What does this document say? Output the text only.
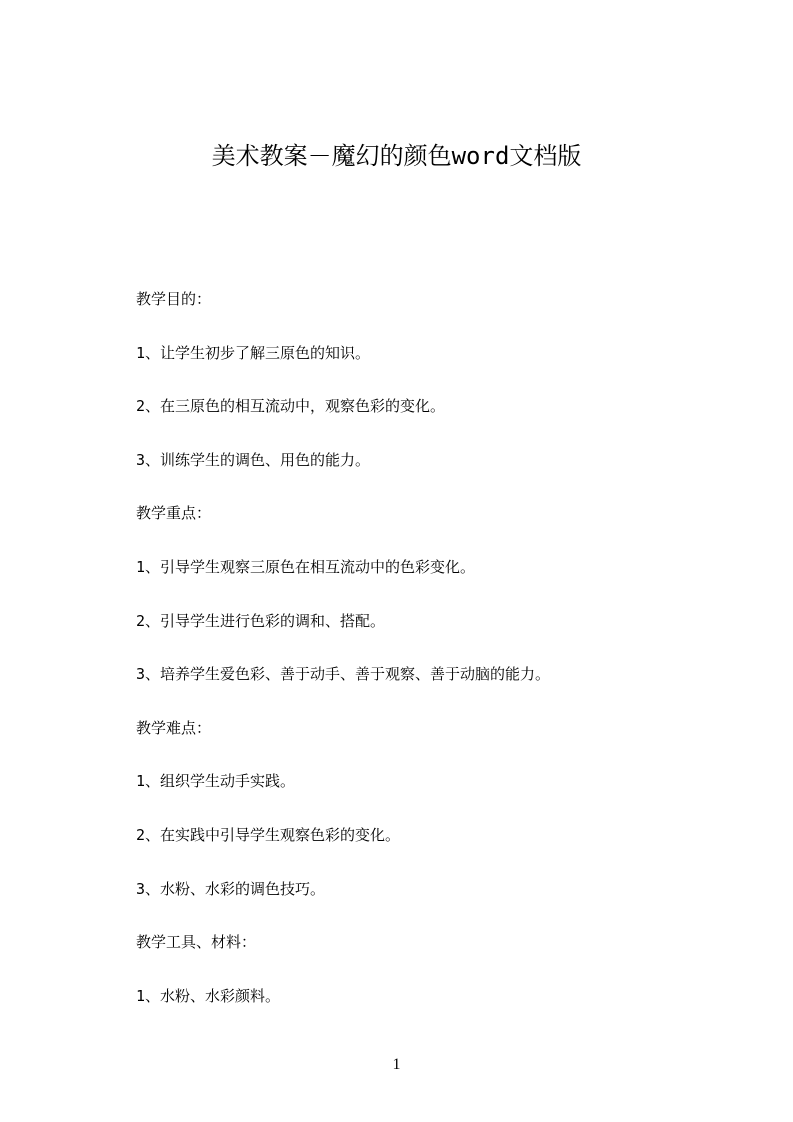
美术教案－魔幻的颜色word文档版
教学目的：
1、让学生初步了解三原色的知识。
2、在三原色的相互流动中，观察色彩的变化。
3、训练学生的调色、用色的能力。
教学重点：
1、引导学生观察三原色在相互流动中的色彩变化。
2、引导学生进行色彩的调和、搭配。
3、培养学生爱色彩、善于动手、善于观察、善于动脑的能力。
教学难点：
1、组织学生动手实践。
2、在实践中引导学生观察色彩的变化。
3、水粉、水彩的调色技巧。
教学工具、材料：
1、水粉、水彩颜料。
1
